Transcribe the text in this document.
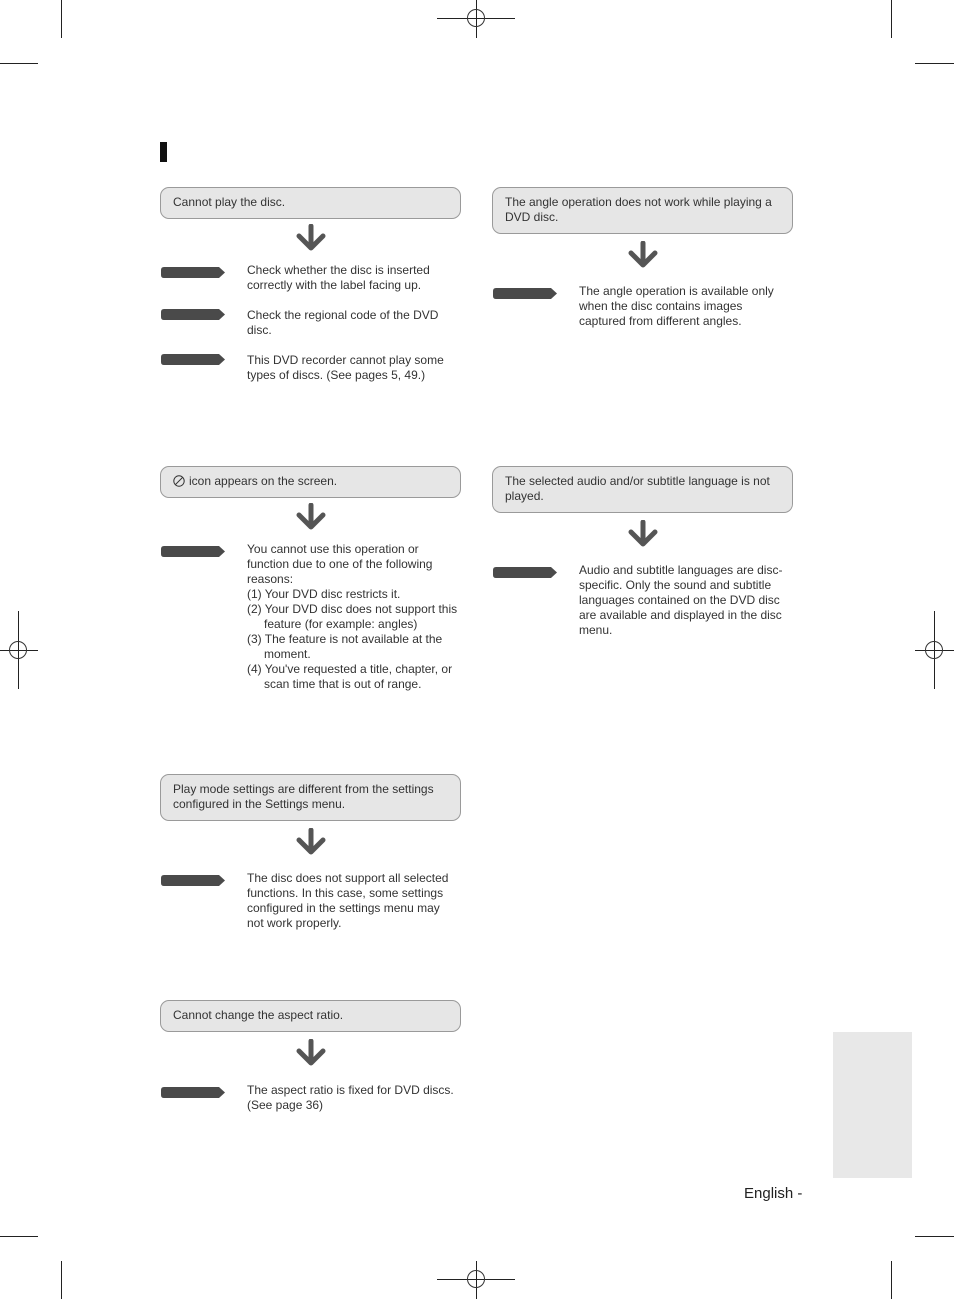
Cannot play the disc.
Check whether the disc is inserted correctly with the label facing up.
Check the regional code of the DVD disc.
This DVD recorder cannot play some types of discs. (See pages 5, 49.)
The angle operation does not work while playing a DVD disc.
The angle operation is available only when the disc contains images captured from different angles.
icon appears on the screen.
You cannot use this operation or function due to one of the following reasons:
(1) Your DVD disc restricts it.
(2) Your DVD disc does not support this feature (for example: angles)
(3) The feature is not available at the moment.
(4) You've requested a title, chapter, or scan time that is out of range.
The selected audio and/or subtitle language is not played.
Audio and subtitle languages are disc-specific. Only the sound and subtitle languages contained on the DVD disc are available and displayed in the disc menu.
Play mode settings are different from the settings configured in the Settings menu.
The disc does not support all selected functions. In this case, some settings configured in the settings menu may not work properly.
Cannot change the aspect ratio.
The aspect ratio is fixed for DVD discs. (See page 36)
English -
